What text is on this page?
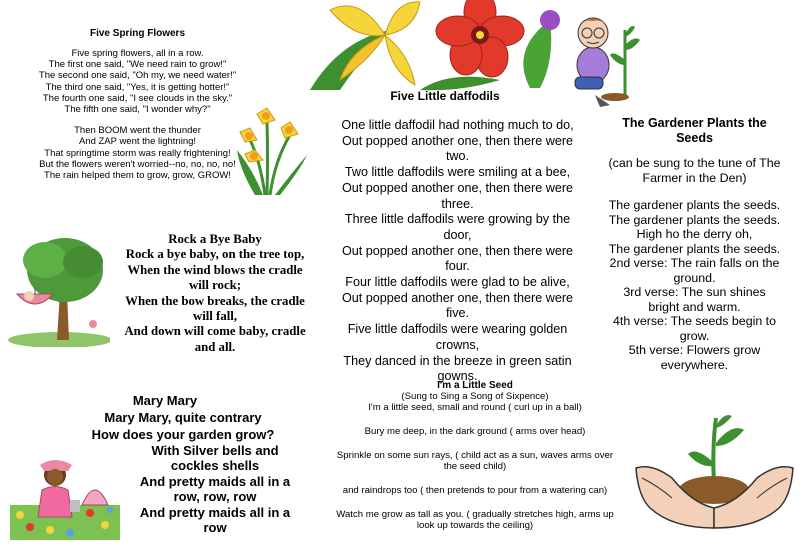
Five Spring Flowers
Five spring flowers, all in a row.
The first one said, "We need rain to grow!"
The second one said, "Oh my, we need water!"
The third one said, "Yes, it is getting hotter!"
The fourth one said, "I see clouds in the sky."
The fifth one said, "I wonder why?"
Then BOOM went the thunder
And ZAP went the lightning!
That springtime storm was really frightening!
But the flowers weren't worried--no, no, no, no!
The rain helped them to grow, grow, GROW!
Five Little daffodils
One little daffodil had nothing much to do,
Out popped another one, then there were
two.
Two little daffodils were smiling at a bee,
Out popped another one, then there were
three.
Three little daffodils were growing by the
door,
Out popped another one, then there were
four.
Four little daffodils were glad to be alive,
Out popped another one, then there were
five.
Five little daffodils were wearing golden
crowns,
They danced in the breeze in green satin
gowns.
The Gardener Plants the
Seeds
(can be sung to the tune of The
Farmer in the Den)
The gardener plants the seeds.
The gardener plants the seeds.
High ho the derry oh,
The gardener plants the seeds.
2nd verse: The rain falls on the
ground.
3rd verse: The sun shines
bright and warm.
4th verse: The seeds begin to
grow.
5th verse: Flowers grow
everywhere.
Rock a Bye Baby
Rock a bye baby, on the tree top,
When the wind blows the cradle
will rock;
When the bow breaks, the cradle
will fall,
And down will come baby, cradle
and all.
Mary Mary
Mary Mary, quite contrary
How does your garden grow?
With Silver bells and
cockles shells
And pretty maids all in a
row, row, row
And pretty maids all in a
row
I'm a Little Seed
(Sung to Sing a Song of Sixpence)
I'm a little seed, small and round ( curl up in a ball)
Bury me deep, in the dark ground ( arms over head)
Sprinkle on some sun rays, ( child act as a sun, waves arms over
the seed child)
and raindrops too ( then pretends to pour from a watering can)
Watch me grow as tall as you. ( gradually stretches high, arms up
look up towards the ceiling)
